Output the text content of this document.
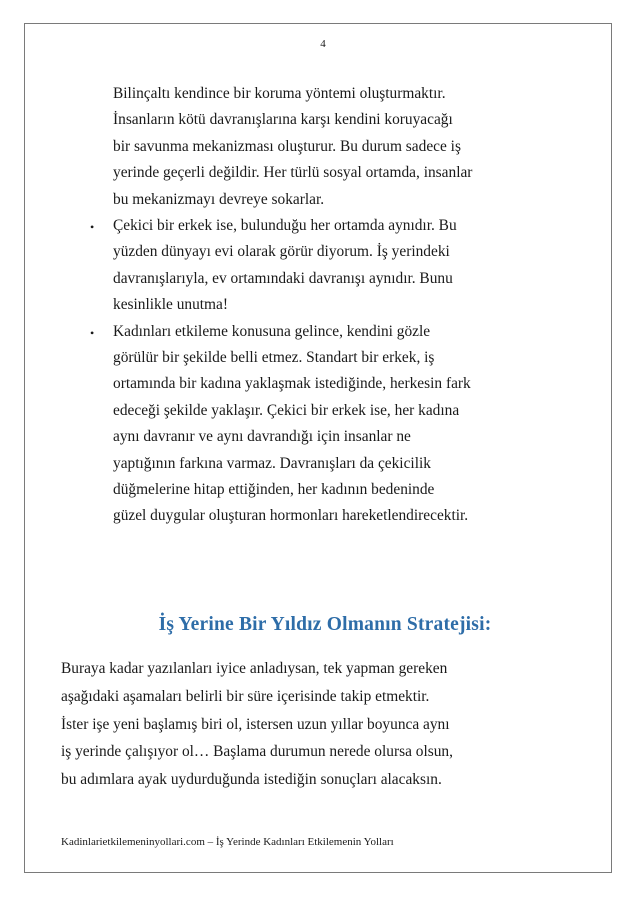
4
Bilinçaltı kendince bir koruma yöntemi oluşturmaktır.
İnsanların kötü davranışlarına karşı kendini koruyacağı
bir savunma mekanizması oluşturur. Bu durum sadece iş
yerinde geçerli değildir. Her türlü sosyal ortamda, insanlar
bu mekanizmayı devreye sokarlar.
•	Çekici bir erkek ise, bulunduğu her ortamda aynıdır. Bu
yüzden dünyayı evi olarak görür diyorum. İş yerindeki
davranışlarıyla, ev ortamındaki davranışı aynıdır. Bunu
kesinlikle unutma!
•	Kadınları etkileme konusuna gelince, kendini gözle
görülür bir şekilde belli etmez. Standart bir erkek, iş
ortamında bir kadına yaklaşmak istediğinde, herkesin fark
edeceği şekilde yaklaşır. Çekici bir erkek ise, her kadına
aynı davranır ve aynı davrandığı için insanlar ne
yaptığının farkına varmaz. Davranışları da çekicilik
düğmelerine hitap ettiğinden, her kadının bedeninde
güzel duygular oluşturan hormonları hareketlendirecektir.
İş Yerine Bir Yıldız Olmanın Stratejisi:
Buraya kadar yazılanları iyice anladıysan, tek yapman gereken
aşağıdaki aşamaları belirli bir süre içerisinde takip etmektir.
İster işe yeni başlamış biri ol, istersen uzun yıllar boyunca aynı
iş yerinde çalışıyor ol… Başlama durumun nerede olursa olsun,
bu adımlara ayak uydurduğunda istediğin sonuçları alacaksın.
Kadinlarietkilemeninyollari.com – İş Yerinde Kadınları Etkilemenin Yolları
